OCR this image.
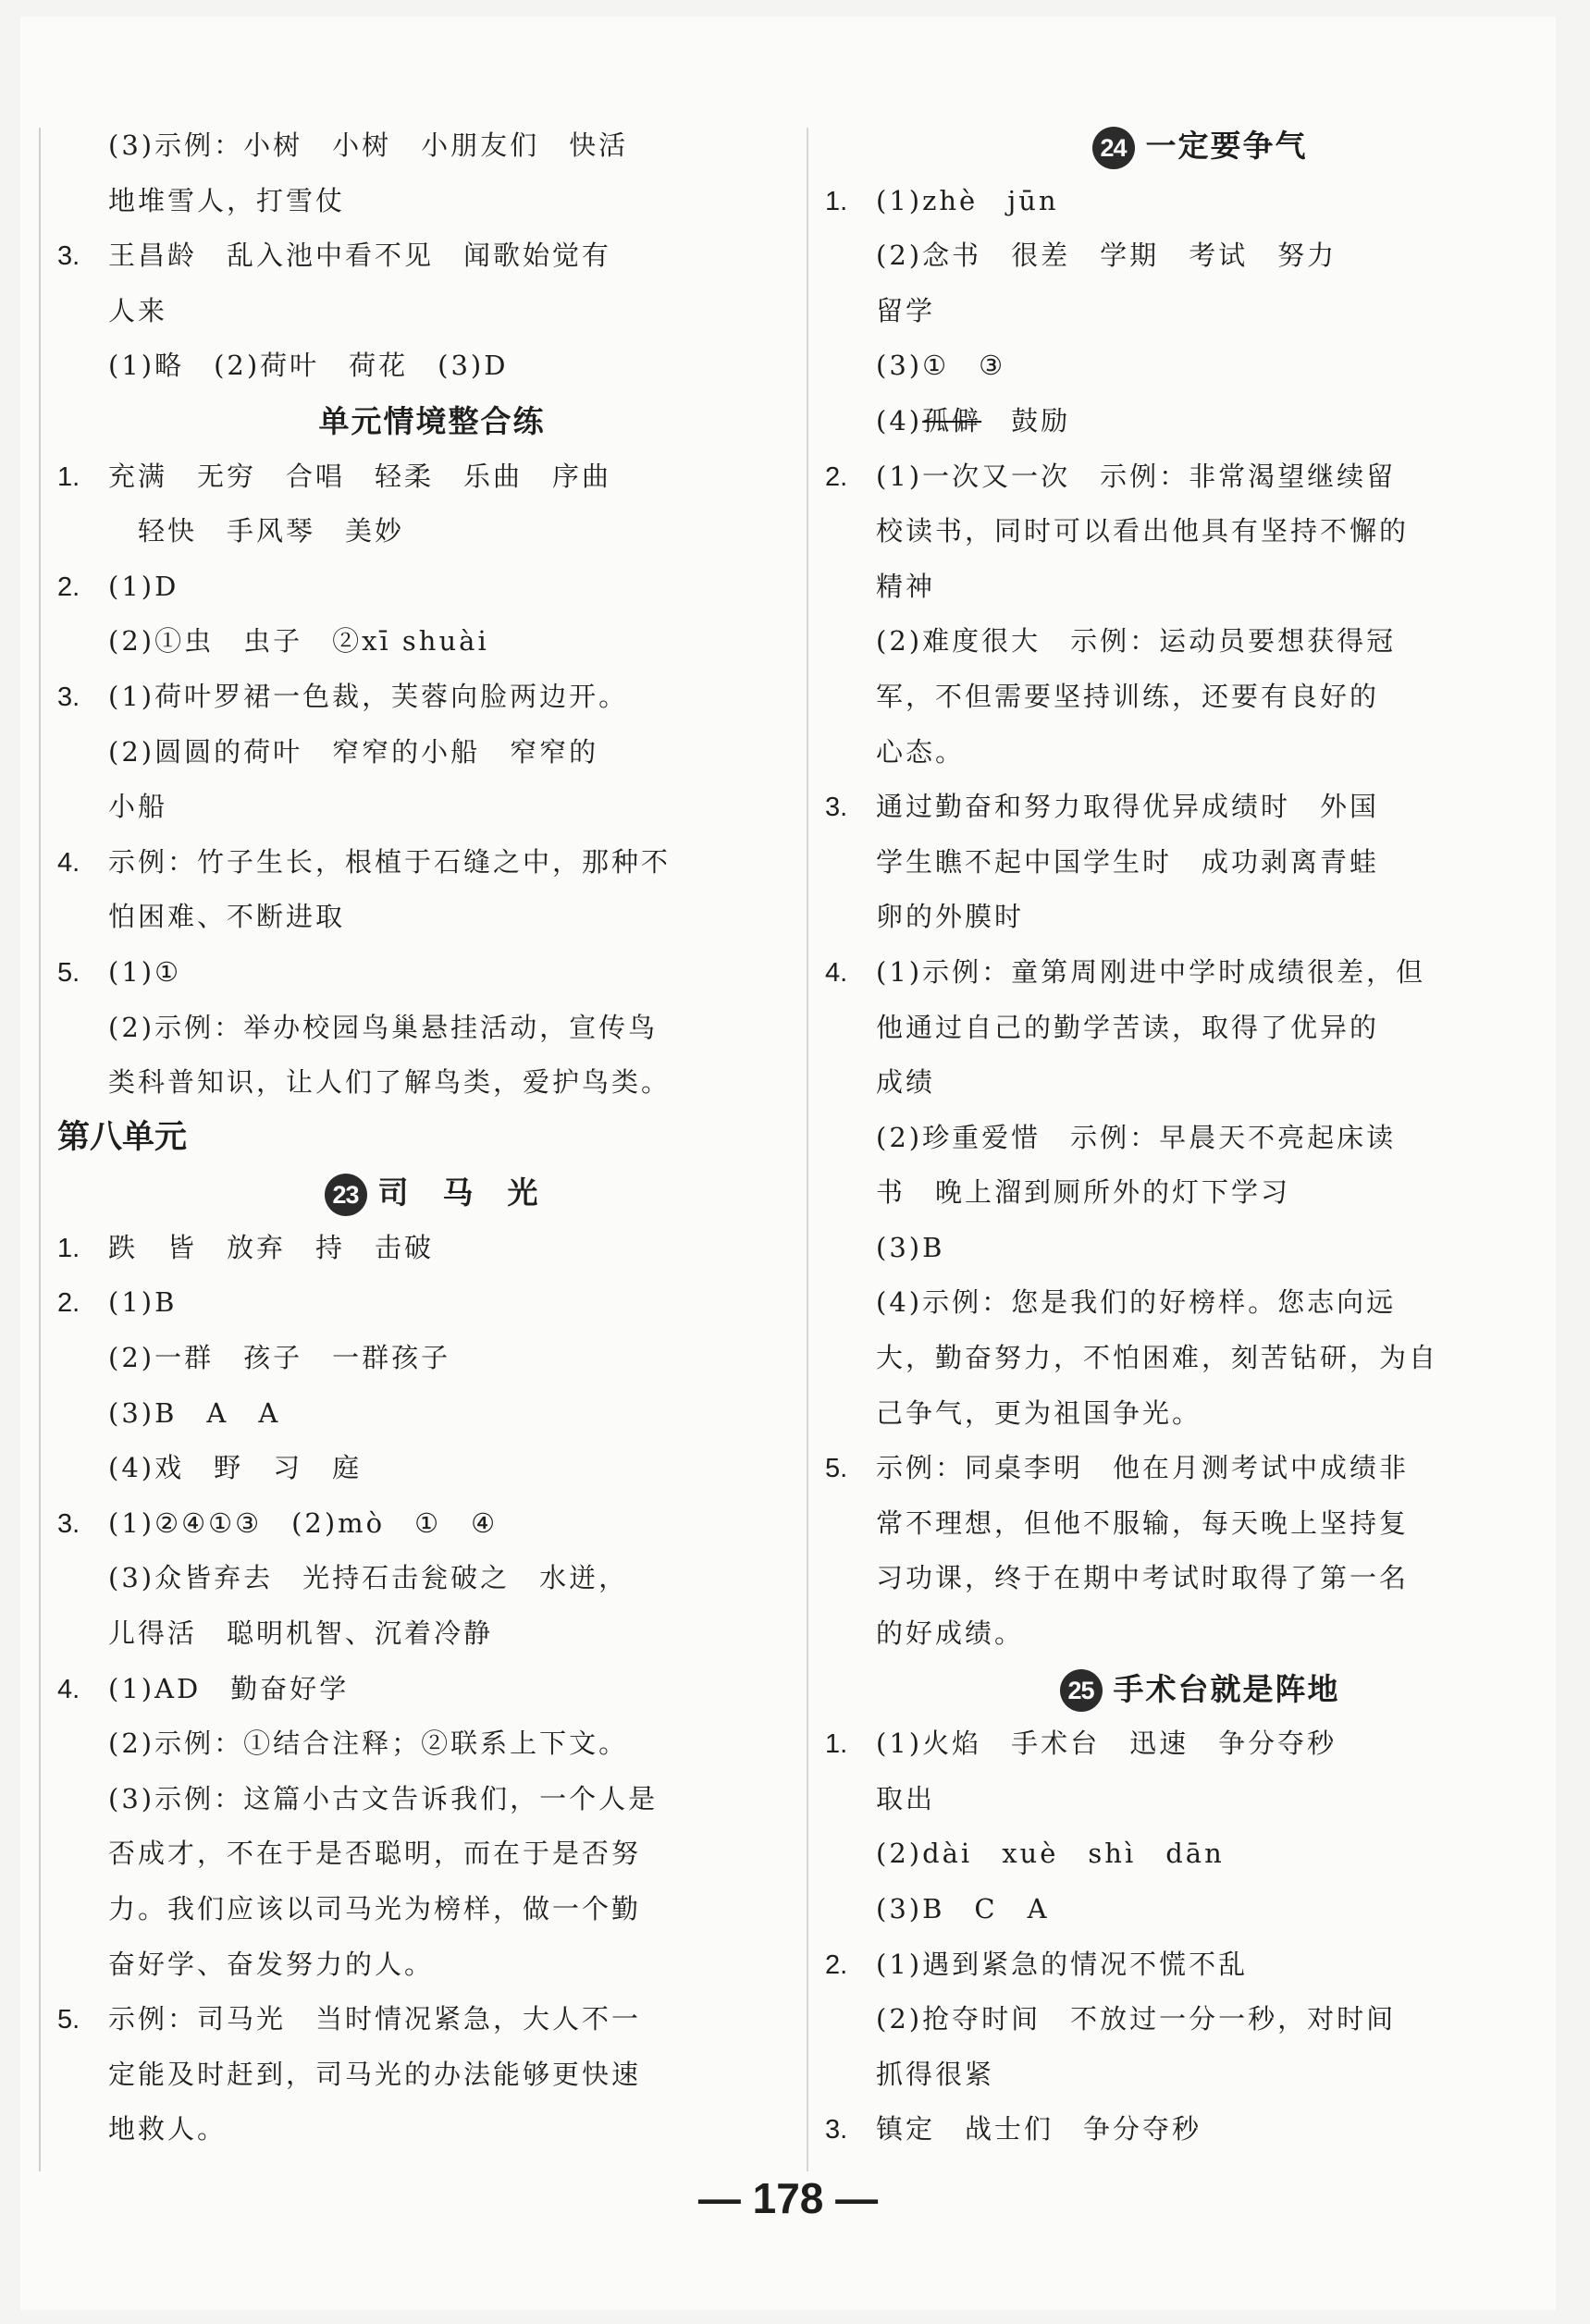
(3)示例：小树　小树　小朋友们　快活
地堆雪人，打雪仗
3. 王昌龄　乱入池中看不见　闻歌始觉有
人来
(1)略　(2)荷叶　荷花　(3)D
单元情境整合练
1. 充满　无穷　合唱　轻柔　乐曲　序曲
　轻快　手风琴　美妙
2. (1)D
(2)①虫　虫子　②xī shuài
3. (1)荷叶罗裙一色裁，芙蓉向脸两边开。
(2)圆圆的荷叶　窄窄的小船　窄窄的
小船
4. 示例：竹子生长，根植于石缝之中，那种不
怕困难、不断进取
5. (1)①
(2)示例：举办校园鸟巢悬挂活动，宣传鸟
类科普知识，让人们了解鸟类，爱护鸟类。
第八单元
23 司　马　光
1. 跌　皆　放弃　持　击破
2. (1)B
(2)一群　孩子　一群孩子
(3)B　A　A
(4)戏　野　习　庭
3. (1)②④①③　(2)mò　①　④
(3)众皆弃去　光持石击瓮破之　水迸，
儿得活　聪明机智、沉着冷静
4. (1)AD　勤奋好学
(2)示例：①结合注释；②联系上下文。
(3)示例：这篇小古文告诉我们，一个人是
否成才，不在于是否聪明，而在于是否努
力。我们应该以司马光为榜样，做一个勤
奋好学、奋发努力的人。
5. 示例：司马光　当时情况紧急，大人不一
定能及时赶到，司马光的办法能够更快速
地救人。
24 一定要争气
1. (1)zhè　jūn
(2)念书　很差　学期　考试　努力
留学
(3)①　③
(4)孤僻　鼓励
2. (1)一次又一次　示例：非常渴望继续留
校读书，同时可以看出他具有坚持不懈的
精神
(2)难度很大　示例：运动员要想获得冠
军，不但需要坚持训练，还要有良好的
心态。
3. 通过勤奋和努力取得优异成绩时　外国
学生瞧不起中国学生时　成功剥离青蛙
卵的外膜时
4. (1)示例：童第周刚进中学时成绩很差，但
他通过自己的勤学苦读，取得了优异的
成绩
(2)珍重爱惜　示例：早晨天不亮起床读
书　晚上溜到厕所外的灯下学习
(3)B
(4)示例：您是我们的好榜样。您志向远
大，勤奋努力，不怕困难，刻苦钻研，为自
己争气，更为祖国争光。
5. 示例：同桌李明　他在月测考试中成绩非
常不理想，但他不服输，每天晚上坚持复
习功课，终于在期中考试时取得了第一名
的好成绩。
25 手术台就是阵地
1. (1)火焰　手术台　迅速　争分夺秒
取出
(2)dài　xuè　shì　dān
(3)B　C　A
2. (1)遇到紧急的情况不慌不乱
(2)抢夺时间　不放过一分一秒，对时间
抓得很紧
3. 镇定　战士们　争分夺秒
— 178 —
